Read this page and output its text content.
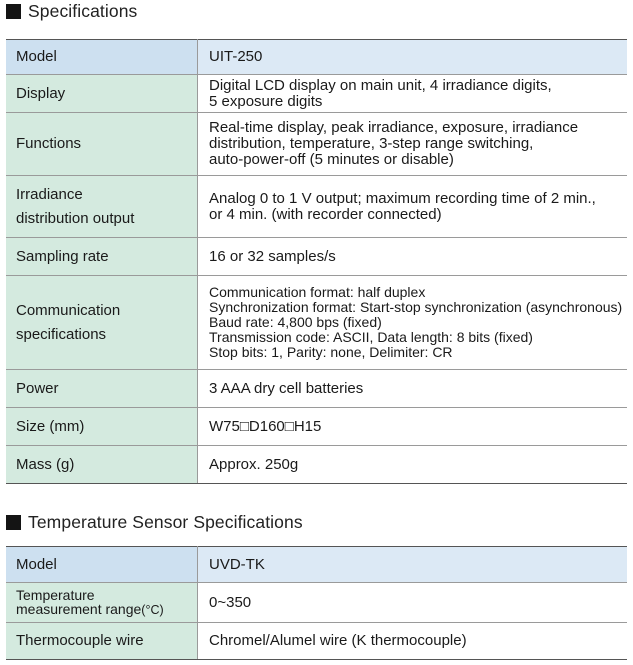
Specifications
Model	UIT-250
Display	Digital LCD display on main unit, 4 irradiance digits,
5 exposure digits
Functions	Real-time display, peak irradiance, exposure, irradiance
distribution, temperature, 3-step range switching,
auto-power-off (5 minutes or disable)
Irradiance
distribution output	Analog 0 to 1 V output; maximum recording time of 2 min.,
or 4 min. (with recorder connected)
Sampling rate	16 or 32 samples/s
Communication
specifications	Communication format: half duplex
Synchronization format: Start-stop synchronization (asynchronous)
Baud rate: 4,800 bps (fixed)
Transmission code: ASCII, Data length: 8 bits (fixed)
Stop bits: 1, Parity: none, Delimiter: CR
Power	3 AAA dry cell batteries
Size (mm)	W75□D160□H15
Mass (g)	Approx. 250g
Temperature Sensor Specifications
Model	UVD-TK
Temperature
measurement range(°C)	0~350
Thermocouple wire	Chromel/Alumel wire (K thermocouple)
